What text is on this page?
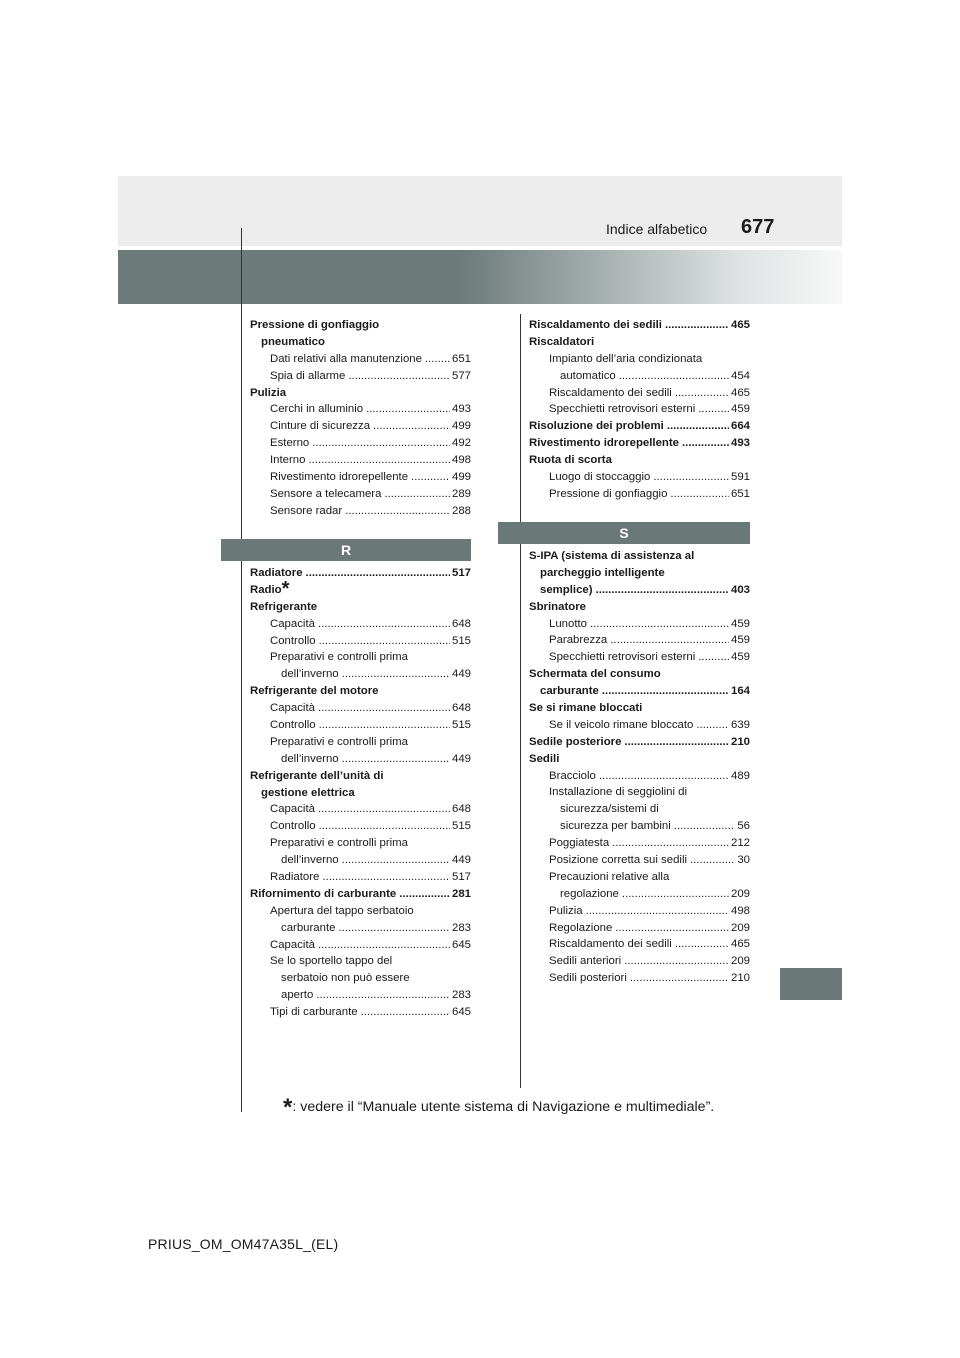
Indice alfabetico 677
Pressione di gonfiaggio
pneumatico
Dati relativi alla manutenzione	651
.....
Spia di allarme	577
.....
Pulizia
Cerchi in alluminio	493
.....
Cinture di sicurezza	499
.....
Esterno	492
.....
Interno	498
.....
Rivestimento idrorepellente	499
.....
Sensore a telecamera	289
.....
Sensore radar	288
.....
R
Radiatore	517
.....
Radio*
Refrigerante
Capacità	648
.....
Controllo	515
.....
Preparativi e controlli prima
dell’inverno	449
.....
Refrigerante del motore
Capacità	648
.....
Controllo	515
.....
Preparativi e controlli prima
dell’inverno	449
.....
Refrigerante dell’unità di
gestione elettrica
Capacità	648
.....
Controllo	515
.....
Preparativi e controlli prima
dell’inverno	449
.....
Radiatore	517
.....
Rifornimento di carburante	281
.....
Apertura del tappo serbatoio
carburante	283
.....
Capacità	645
.....
Se lo sportello tappo del
serbatoio non può essere
aperto	283
.....
Tipi di carburante	645
.....
Riscaldamento dei sedili	465
.....
Riscaldatori
Impianto dell’aria condizionata
automatico	454
.....
Riscaldamento dei sedili	465
.....
Specchietti retrovisori esterni	459
.....
Risoluzione dei problemi	664
.....
Rivestimento idrorepellente	493
.....
Ruota di scorta
Luogo di stoccaggio	591
.....
Pressione di gonfiaggio	651
.....
S
S-IPA (sistema di assistenza al
parcheggio intelligente
semplice)	403
.....
Sbrinatore
Lunotto	459
.....
Parabrezza	459
.....
Specchietti retrovisori esterni	459
.....
Schermata del consumo
carburante	164
.....
Se si rimane bloccati
Se il veicolo rimane bloccato	639
.....
Sedile posteriore	210
.....
Sedili
Bracciolo	489
.....
Installazione di seggiolini di
sicurezza/sistemi di
sicurezza per bambini	56
.....
Poggiatesta	212
.....
Posizione corretta sui sedili	30
.....
Precauzioni relative alla
regolazione	209
.....
Pulizia	498
.....
Regolazione	209
.....
Riscaldamento dei sedili	465
.....
Sedili anteriori	209
.....
Sedili posteriori	210
.....
*: vedere il “Manuale utente sistema di Navigazione e multimediale”.
PRIUS_OM_OM47A35L_(EL)
